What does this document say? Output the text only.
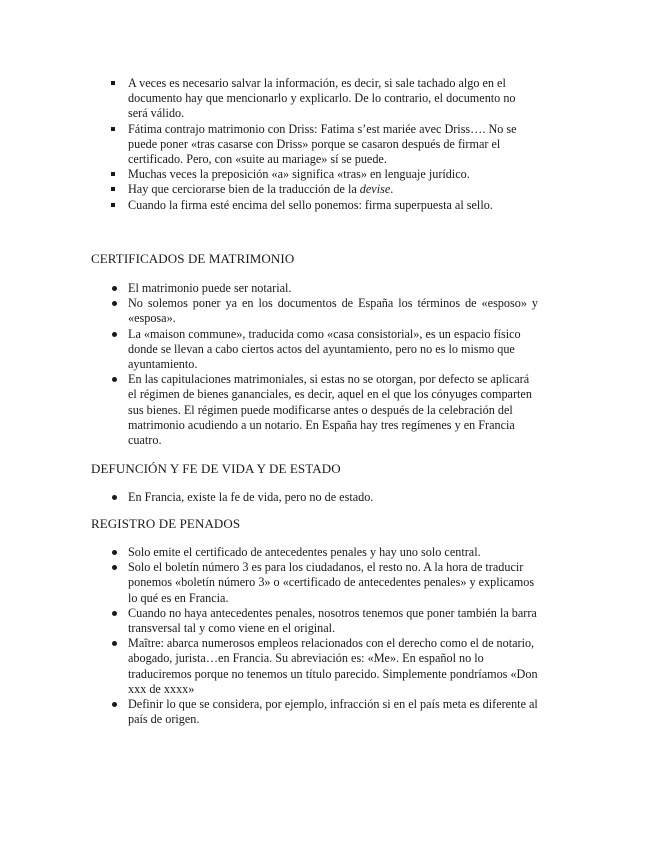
A veces es necesario salvar la información, es decir, si sale tachado algo en el documento hay que mencionarlo y explicarlo. De lo contrario, el documento no será válido.
Fátima contrajo matrimonio con Driss: Fatima s’est mariée avec Driss…. No se puede poner «tras casarse con Driss» porque se casaron después de firmar el certificado. Pero, con «suite au mariage» sí se puede.
Muchas veces la preposición «a» significa «tras» en lenguaje jurídico.
Hay que cerciorarse bien de la traducción de la devise.
Cuando la firma esté encima del sello ponemos: firma superpuesta al sello.
CERTIFICADOS DE MATRIMONIO
El matrimonio puede ser notarial.
No solemos poner ya en los documentos de España los términos de «esposo» y «esposa».
La «maison commune», traducida como «casa consistorial», es un espacio físico donde se llevan a cabo ciertos actos del ayuntamiento, pero no es lo mismo que ayuntamiento.
En las capitulaciones matrimoniales, si estas no se otorgan, por defecto se aplicará el régimen de bienes gananciales, es decir, aquel en el que los cónyuges comparten sus bienes. El régimen puede modificarse antes o después de la celebración del matrimonio acudiendo a un notario. En España hay tres regímenes y en Francia cuatro.
DEFUNCIÓN Y FE DE VIDA Y DE ESTADO
En Francia, existe la fe de vida, pero no de estado.
REGISTRO DE PENADOS
Solo emite el certificado de antecedentes penales y hay uno solo central.
Solo el boletín número 3 es para los ciudadanos, el resto no. A la hora de traducir ponemos «boletín número 3» o «certificado de antecedentes penales» y explicamos lo qué es en Francia.
Cuando no haya antecedentes penales, nosotros tenemos que poner también la barra transversal tal y como viene en el original.
Maître: abarca numerosos empleos relacionados con el derecho como el de notario, abogado, jurista…en Francia. Su abreviación es: «Me». En español no lo traduciremos porque no tenemos un título parecido. Simplemente pondríamos «Don xxx de xxxx»
Definir lo que se considera, por ejemplo, infracción si en el país meta es diferente al país de origen.
